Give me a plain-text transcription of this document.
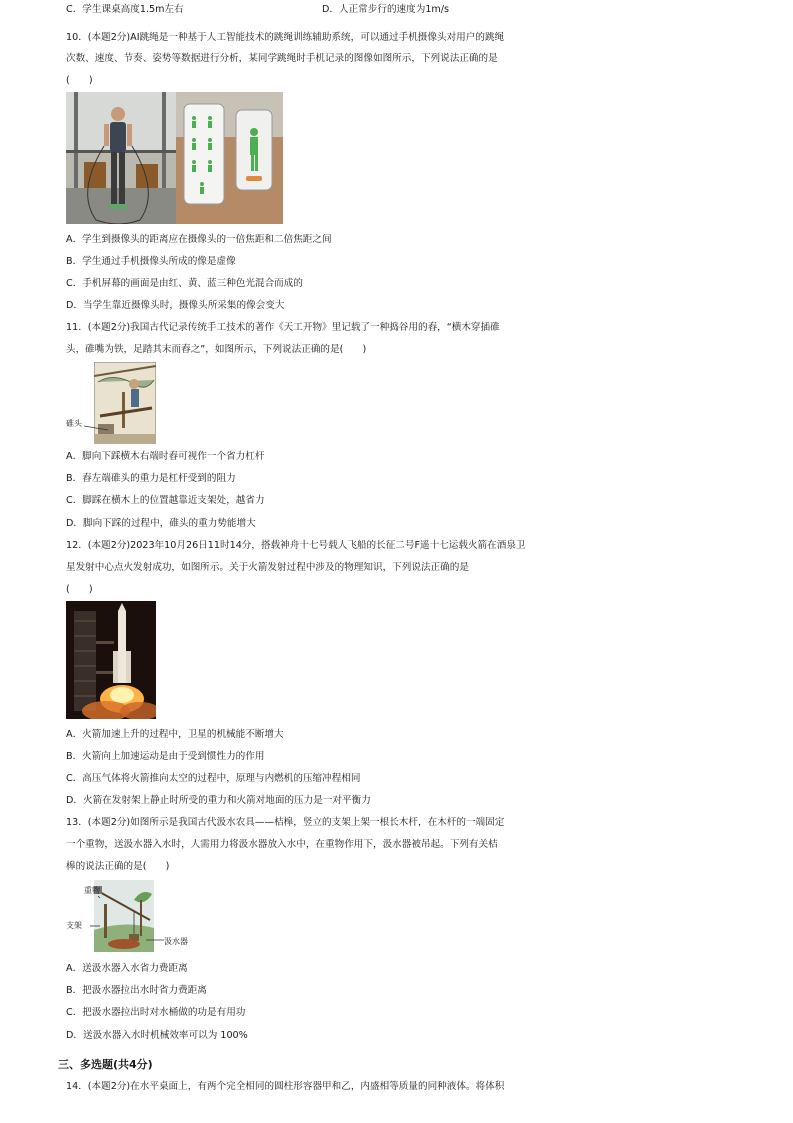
C．学生课桌高度1.5m左右	D．人正常步行的速度为1m/s
10．(本题2分)AI跳绳是一种基于人工智能技术的跳绳训练辅助系统，可以通过手机摄像头对用户的跳绳
次数、速度、节奏、姿势等数据进行分析，某同学跳绳时手机记录的图像如图所示，下列说法正确的是
(　　)
A．学生到摄像头的距离应在摄像头的一倍焦距和二倍焦距之间
B．学生通过手机摄像头所成的像是虚像
C．手机屏幕的画面是由红、黄、蓝三种色光混合而成的
D．当学生靠近摄像头时，摄像头所采集的像会变大
11．(本题2分)我国古代记录传统手工技术的著作《天工开物》里记载了一种捣谷用的舂，“横木穿插碓
头，碓嘴为铁，足踏其末而舂之”，如图所示，下列说法正确的是(　　)
碓头
A．脚向下踩横木右端时舂可视作一个省力杠杆
B．舂左端碓头的重力是杠杆受到的阻力
C．脚踩在横木上的位置越靠近支架处，越省力
D．脚向下踩的过程中，碓头的重力势能增大
12．(本题2分)2023年10月26日11时14分，搭载神舟十七号载人飞船的长征二号F遥十七运载火箭在酒泉卫
星发射中心点火发射成功，如图所示。关于火箭发射过程中涉及的物理知识，下列说法正确的是
(　　)
A．火箭加速上升的过程中，卫星的机械能不断增大
B．火箭向上加速运动是由于受到惯性力的作用
C．高压气体将火箭推向太空的过程中，原理与内燃机的压缩冲程相同
D．火箭在发射架上静止时所受的重力和火箭对地面的压力是一对平衡力
13．(本题2分)如图所示是我国古代汲水农具——桔槔，竖立的支架上架一根长木杆，在木杆的一端固定
一个重物，送汲水器入水时，人需用力将汲水器放入水中，在重物作用下，汲水器被吊起。下列有关桔
槔的说法正确的是(　　)
重物
支架
汲水器
A．送汲水器入水省力费距离
B．把汲水器拉出水时省力费距离
C．把汲水器拉出时对水桶做的功是有用功
D．送汲水器入水时机械效率可以为 100%
三、多选题(共4分)
14．(本题2分)在水平桌面上，有两个完全相同的圆柱形容器甲和乙，内盛相等质量的同种液体。将体积
